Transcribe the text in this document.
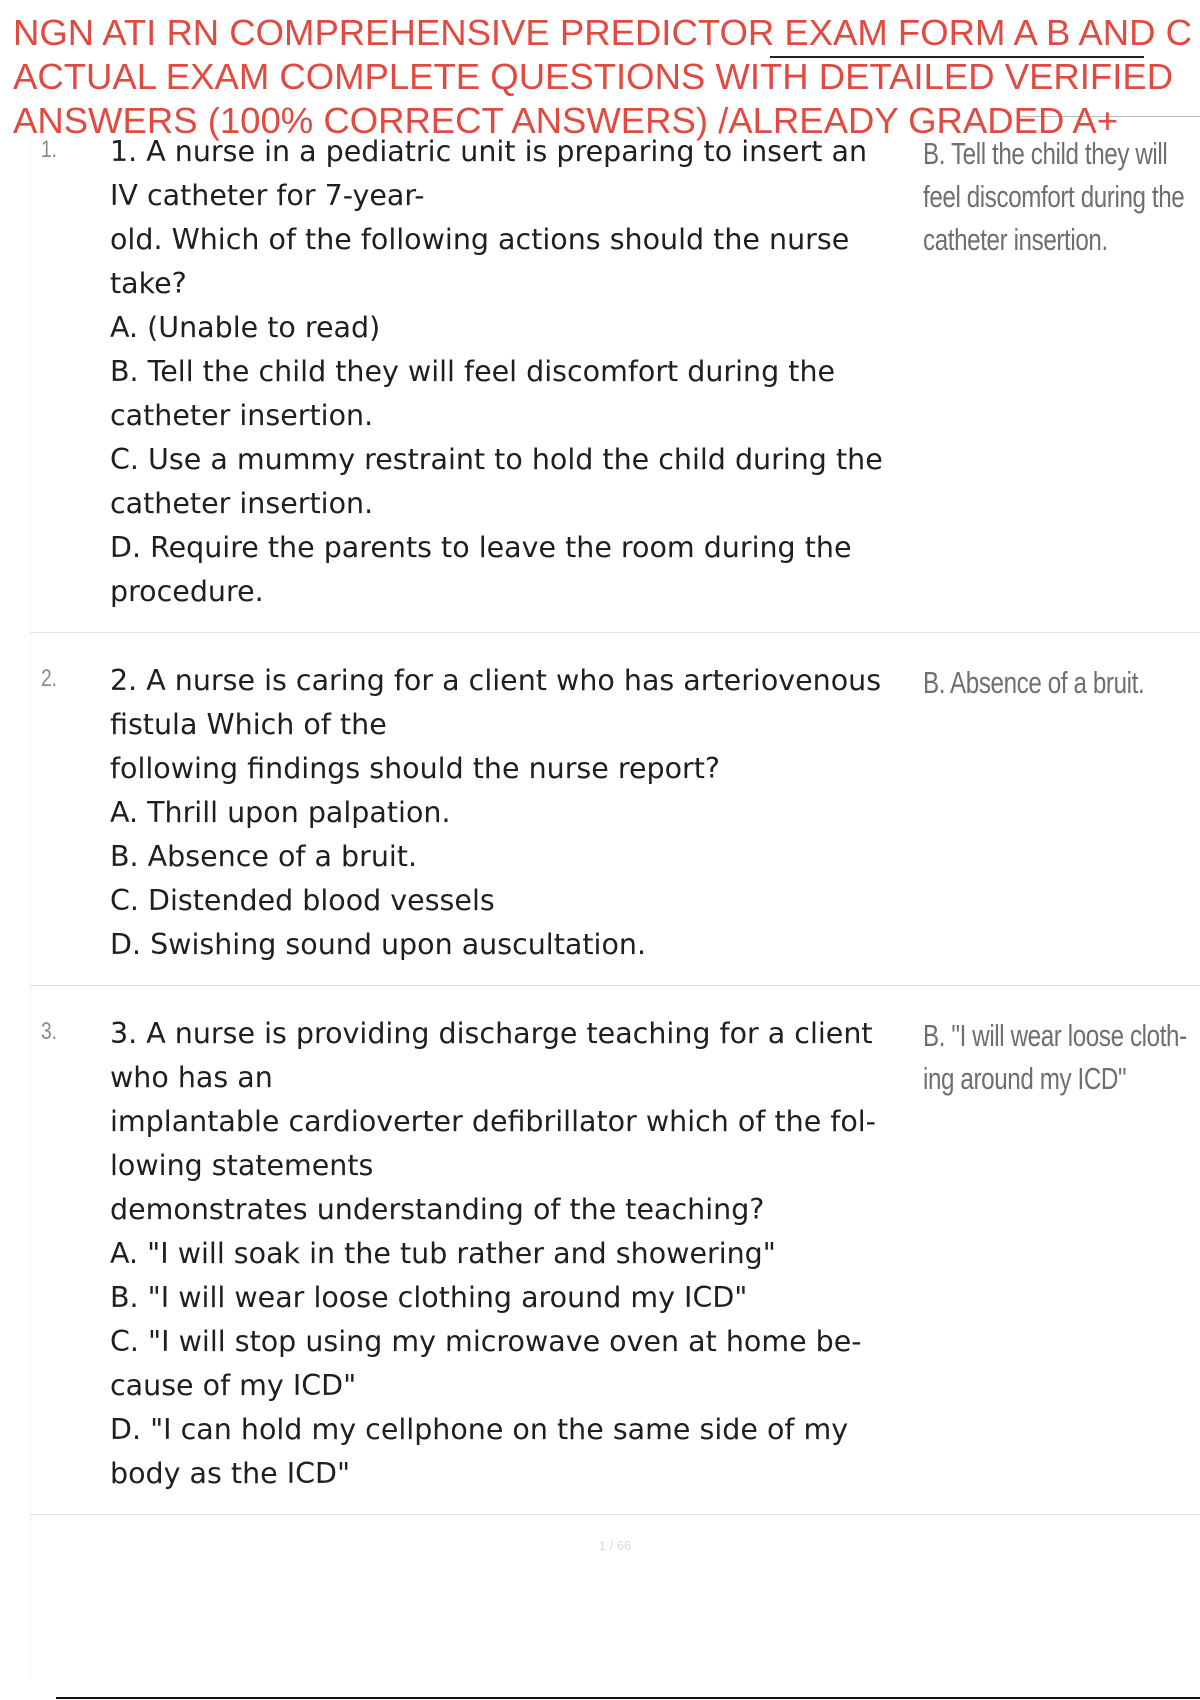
NGN ATI RN COMPREHENSIVE PREDICTOR EXAM FORM A B AND C
ACTUAL EXAM COMPLETE QUESTIONS WITH DETAILED VERIFIED
ANSWERS (100% CORRECT ANSWERS) /ALREADY GRADED A+
1. 1. A nurse in a pediatric unit is preparing to insert an
IV catheter for 7-year-
old. Which of the following actions should the nurse
take?
A. (Unable to read)
B. Tell the child they will feel discomfort during the
catheter insertion.
C. Use a mummy restraint to hold the child during the
catheter insertion.
D. Require the parents to leave the room during the
procedure.
B. Tell the child they will
feel discomfort during the
catheter insertion.
2. 2. A nurse is caring for a client who has arteriovenous
fistula Which of the
following findings should the nurse report?
A. Thrill upon palpation.
B. Absence of a bruit.
C. Distended blood vessels
D. Swishing sound upon auscultation.
B. Absence of a bruit.
3. 3. A nurse is providing discharge teaching for a client
who has an
implantable cardioverter defibrillator which of the fol-
lowing statements
demonstrates understanding of the teaching?
A. "I will soak in the tub rather and showering"
B. "I will wear loose clothing around my ICD"
C. "I will stop using my microwave oven at home be-
cause of my ICD"
D. "I can hold my cellphone on the same side of my
body as the ICD"
B. "I will wear loose cloth-
ing around my ICD"
1 / 66
